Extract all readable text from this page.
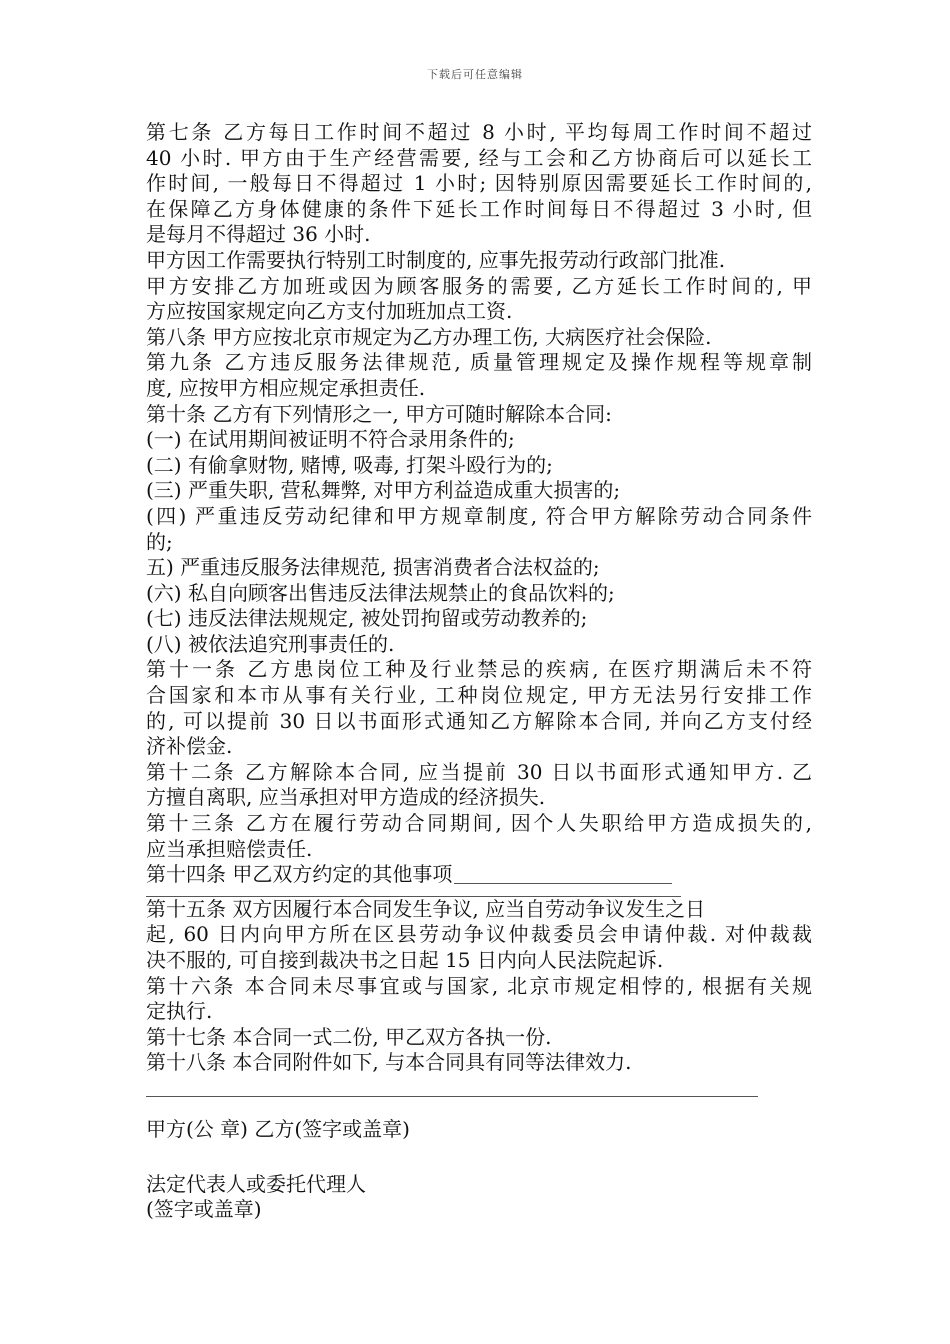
下载后可任意编辑
第七条 乙方每日工作时间不超过 8 小时, 平均每周工作时间不超过
40 小时. 甲方由于生产经营需要, 经与工会和乙方协商后可以延长工
作时间, 一般每日不得超过 1 小时; 因特别原因需要延长工作时间的,
在保障乙方身体健康的条件下延长工作时间每日不得超过 3 小时, 但
是每月不得超过 36 小时.
甲方因工作需要执行特别工时制度的, 应事先报劳动行政部门批准.
甲方安排乙方加班或因为顾客服务的需要, 乙方延长工作时间的, 甲
方应按国家规定向乙方支付加班加点工资.
第八条 甲方应按北京市规定为乙方办理工伤, 大病医疗社会保险.
第九条 乙方违反服务法律规范, 质量管理规定及操作规程等规章制
度, 应按甲方相应规定承担责任.
第十条 乙方有下列情形之一, 甲方可随时解除本合同:
(一) 在试用期间被证明不符合录用条件的;
(二) 有偷拿财物, 赌博, 吸毒, 打架斗殴行为的;
(三) 严重失职, 营私舞弊, 对甲方利益造成重大损害的;
(四) 严重违反劳动纪律和甲方规章制度, 符合甲方解除劳动合同条件
的;
五) 严重违反服务法律规范, 损害消费者合法权益的;
(六) 私自向顾客出售违反法律法规禁止的食品饮料的;
(七) 违反法律法规规定, 被处罚拘留或劳动教养的;
(八) 被依法追究刑事责任的.
第十一条 乙方患岗位工种及行业禁忌的疾病, 在医疗期满后未不符
合国家和本市从事有关行业, 工种岗位规定, 甲方无法另行安排工作
的, 可以提前 30 日以书面形式通知乙方解除本合同, 并向乙方支付经
济补偿金.
第十二条 乙方解除本合同, 应当提前 30 日以书面形式通知甲方. 乙
方擅自离职, 应当承担对甲方造成的经济损失.
第十三条 乙方在履行劳动合同期间, 因个人失职给甲方造成损失的,
应当承担赔偿责任.
第十四条 甲乙双方约定的其他事项
第十五条 双方因履行本合同发生争议, 应当自劳动争议发生之日
起, 60 日内向甲方所在区县劳动争议仲裁委员会申请仲裁. 对仲裁裁
决不服的, 可自接到裁决书之日起 15 日内向人民法院起诉.
第十六条 本合同未尽事宜或与国家, 北京市规定相悖的, 根据有关规
定执行.
第十七条 本合同一式二份, 甲乙双方各执一份.
第十八条 本合同附件如下, 与本合同具有同等法律效力.
甲方(公 章) 乙方(签字或盖章)
法定代表人或委托代理人
(签字或盖章)
